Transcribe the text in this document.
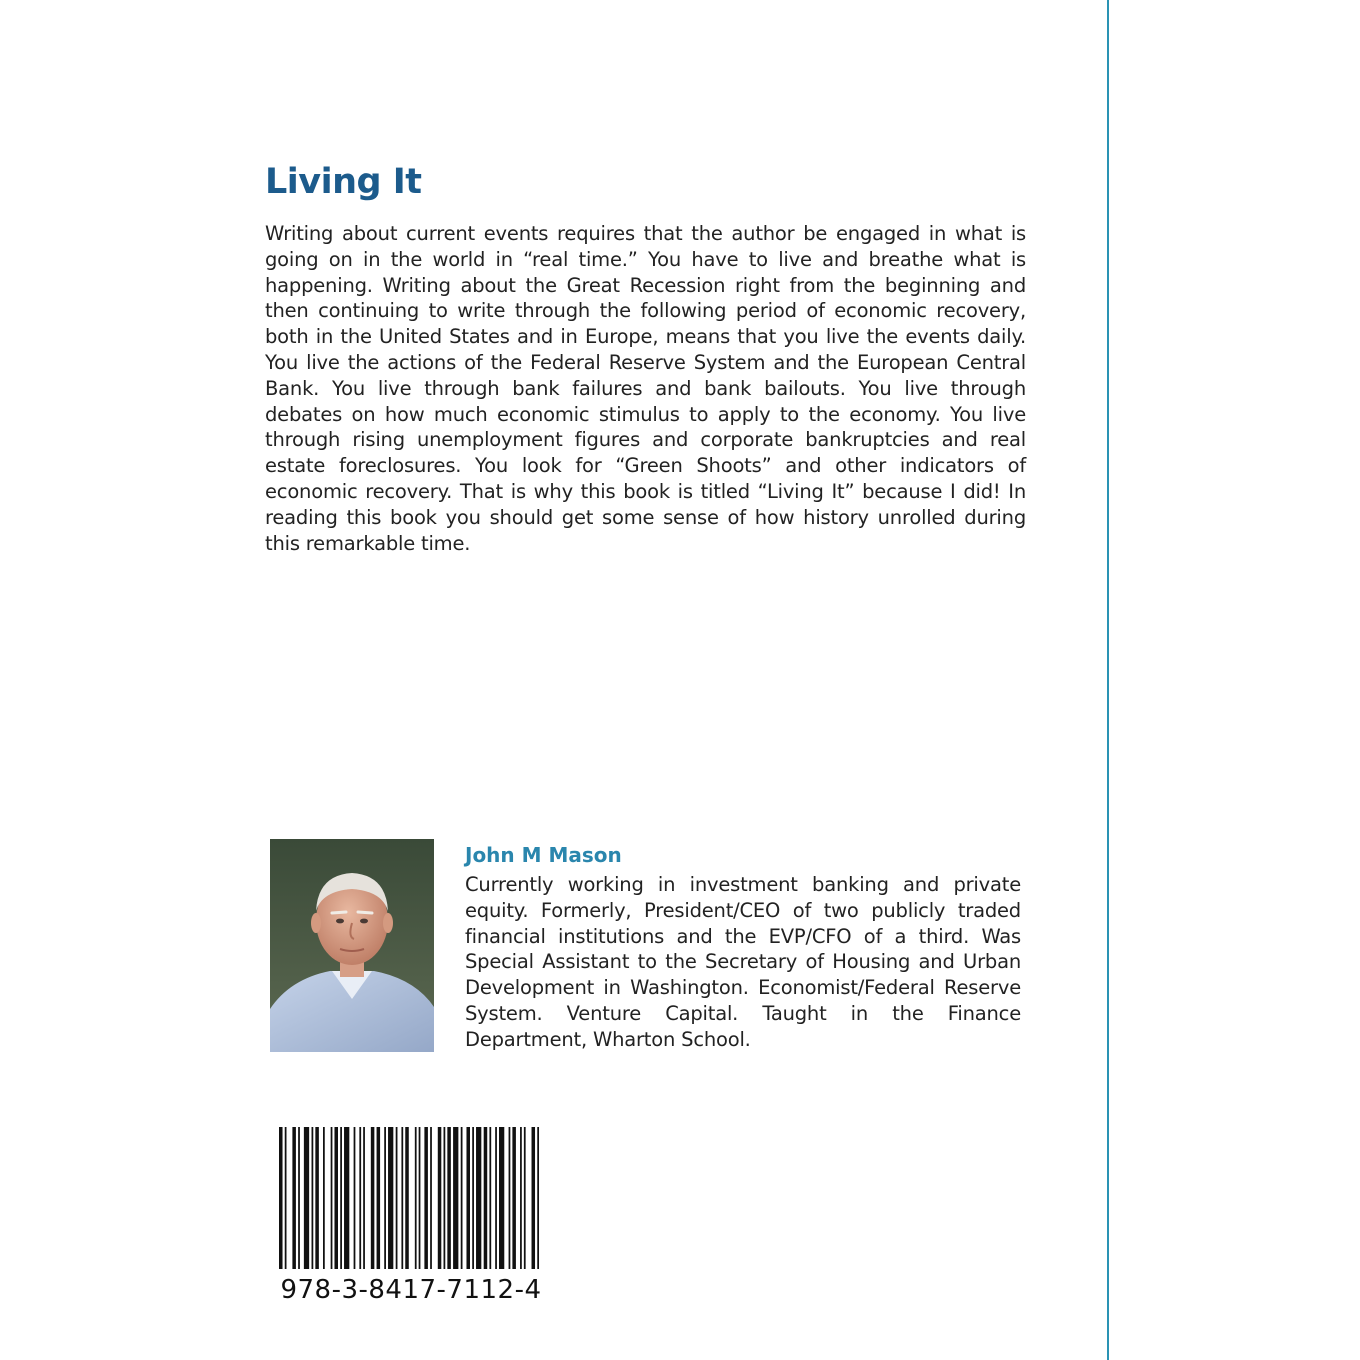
Living It

Writing about current events requires that the author be engaged in what is going on in the world in “real time.” You have to live and breathe what is happening. Writing about the Great Recession right from the beginning and then continuing to write through the following period of economic recovery, both in the United States and in Europe, means that you live the events daily. You live the actions of the Federal Reserve System and the European Central Bank. You live through bank failures and bank bailouts. You live through debates on how much economic stimulus to apply to the economy. You live through rising unemployment figures and corporate bankruptcies and real estate foreclosures. You look for “Green Shoots” and other indicators of economic recovery. That is why this book is titled “Living It” because I did! In reading this book you should get some sense of how history unrolled during this remarkable time.

John M Mason

Currently working in investment banking and private equity. Formerly, President/CEO of two publicly traded financial institutions and the EVP/CFO of a third. Was Special Assistant to the Secretary of Housing and Urban Development in Washington. Economist/Federal Reserve System. Venture Capital. Taught in the Finance Department, Wharton School.

978-3-8417-7112-4
